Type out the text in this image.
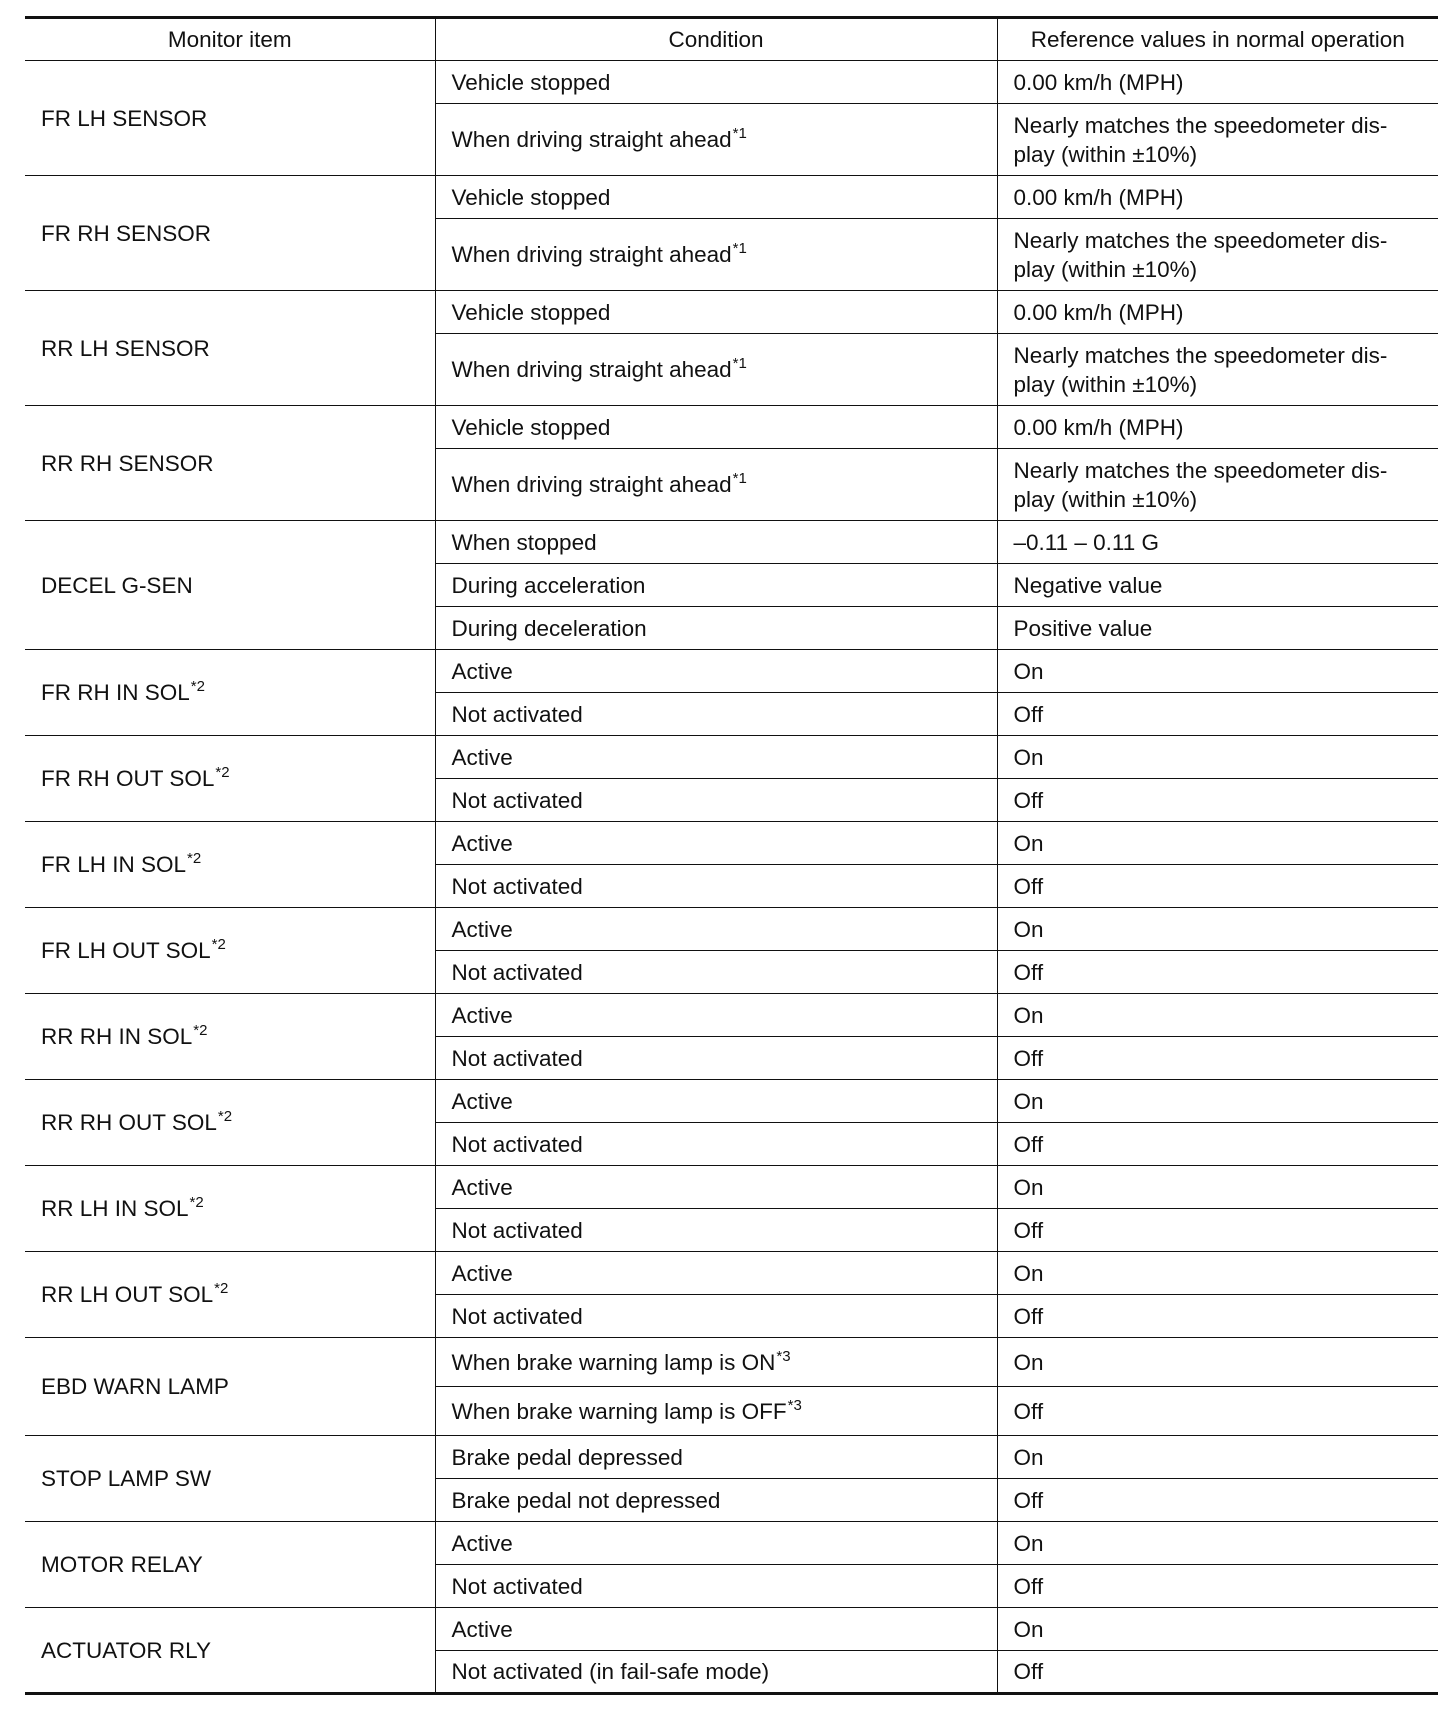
Monitor item	Condition	Reference values in normal operation
FR LH SENSOR	Vehicle stopped	0.00 km/h (MPH)
	When driving straight ahead$^{*1}$	Nearly matches the speedometer dis-play (within ±10%)
FR RH SENSOR	Vehicle stopped	0.00 km/h (MPH)
	When driving straight ahead$^{*1}$	Nearly matches the speedometer dis-play (within ±10%)
RR LH SENSOR	Vehicle stopped	0.00 km/h (MPH)
	When driving straight ahead$^{*1}$	Nearly matches the speedometer dis-play (within ±10%)
RR RH SENSOR	Vehicle stopped	0.00 km/h (MPH)
	When driving straight ahead$^{*1}$	Nearly matches the speedometer dis-play (within ±10%)
DECEL G-SEN	When stopped	–0.11 – 0.11 G
	During acceleration	Negative value
	During deceleration	Positive value
FR RH IN SOL$^{*2}$	Active	On
	Not activated	Off
FR RH OUT SOL$^{*2}$	Active	On
	Not activated	Off
FR LH IN SOL$^{*2}$	Active	On
	Not activated	Off
FR LH OUT SOL$^{*2}$	Active	On
	Not activated	Off
RR RH IN SOL$^{*2}$	Active	On
	Not activated	Off
RR RH OUT SOL$^{*2}$	Active	On
	Not activated	Off
RR LH IN SOL$^{*2}$	Active	On
	Not activated	Off
RR LH OUT SOL$^{*2}$	Active	On
	Not activated	Off
EBD WARN LAMP	When brake warning lamp is ON$^{*3}$	On
	When brake warning lamp is OFF$^{*3}$	Off
STOP LAMP SW	Brake pedal depressed	On
	Brake pedal not depressed	Off
MOTOR RELAY	Active	On
	Not activated	Off
ACTUATOR RLY	Active	On
	Not activated (in fail-safe mode)	Off
